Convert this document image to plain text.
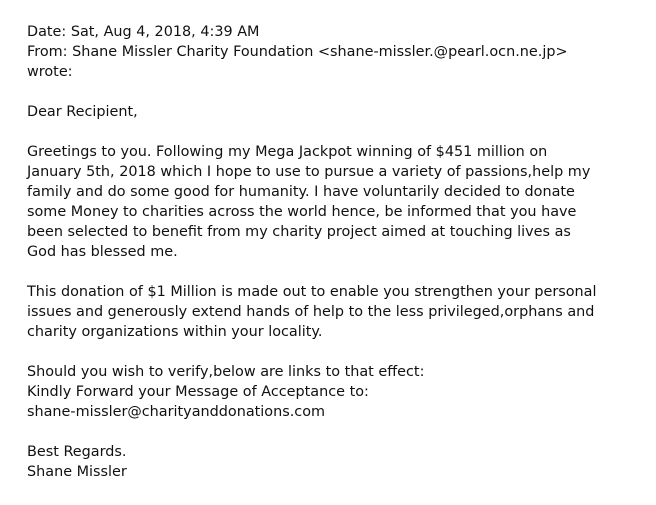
Date: Sat, Aug 4, 2018, 4:39 AM
From: Shane Missler Charity Foundation <shane-missler.@pearl.ocn.ne.jp>
wrote:
Dear Recipient,
Greetings to you. Following my Mega Jackpot winning of $451 million on
January 5th, 2018 which I hope to use to pursue a variety of passions,help my
family and do some good for humanity. I have voluntarily decided to donate
some Money to charities across the world hence, be informed that you have
been selected to benefit from my charity project aimed at touching lives as
God has blessed me.
This donation of $1 Million is made out to enable you strengthen your personal
issues and generously extend hands of help to the less privileged,orphans and
charity organizations within your locality.
Should you wish to verify,below are links to that effect:
Kindly Forward your Message of Acceptance to:
shane-missler@charityanddonations.com
Best Regards.
Shane Missler
